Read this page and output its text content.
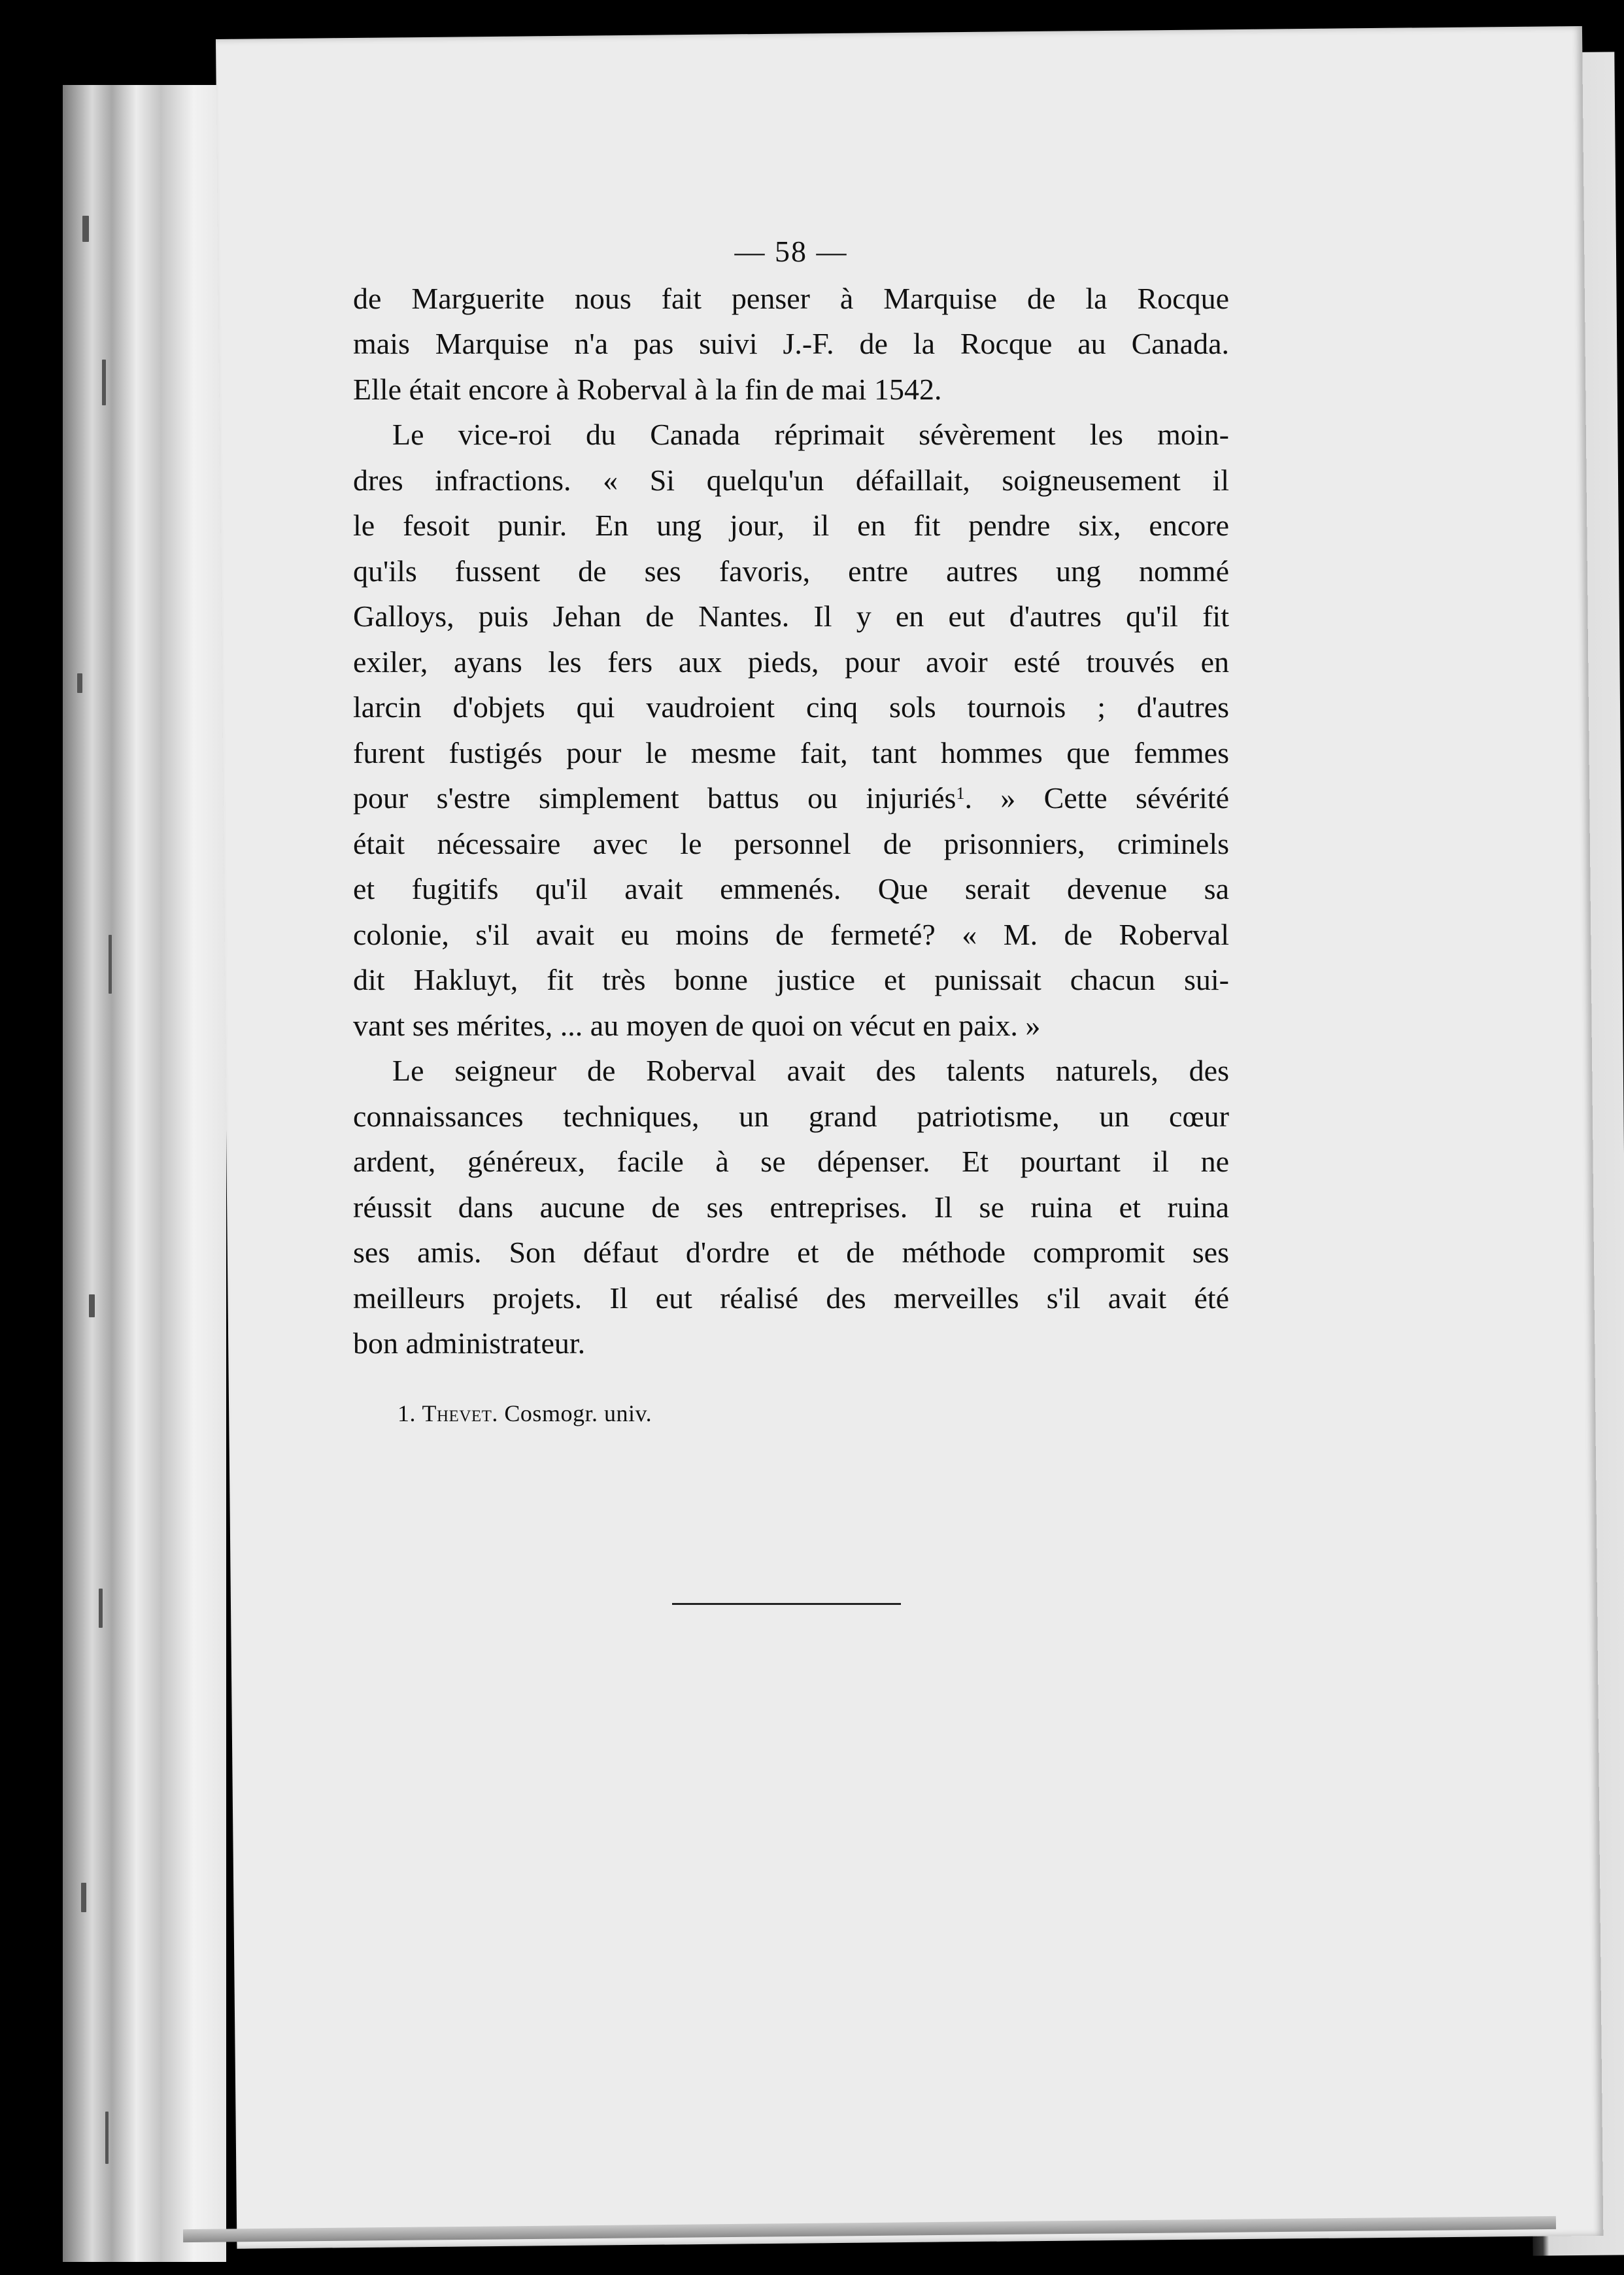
— 58 —
de Marguerite nous fait penser à Marquise de la Rocque
mais Marquise n'a pas suivi J.-F. de la Rocque au Canada.
Elle était encore à Roberval à la fin de mai 1542.
Le vice-roi du Canada réprimait sévèrement les moin-
dres infractions. « Si quelqu'un défaillait, soigneusement il
le fesoit punir. En ung jour, il en fit pendre six, encore
qu'ils fussent de ses favoris, entre autres ung nommé
Galloys, puis Jehan de Nantes. Il y en eut d'autres qu'il fit
exiler, ayans les fers aux pieds, pour avoir esté trouvés en
larcin d'objets qui vaudroient cinq sols tournois ; d'autres
furent fustigés pour le mesme fait, tant hommes que femmes
pour s'estre simplement battus ou injuriés$^1$. » Cette sévérité
était nécessaire avec le personnel de prisonniers, criminels
et fugitifs qu'il avait emmenés. Que serait devenue sa
colonie, s'il avait eu moins de fermeté? « M. de Roberval
dit Hakluyt, fit très bonne justice et punissait chacun sui-
vant ses mérites, ... au moyen de quoi on vécut en paix. »
Le seigneur de Roberval avait des talents naturels, des
connaissances techniques, un grand patriotisme, un cœur
ardent, généreux, facile à se dépenser. Et pourtant il ne
réussit dans aucune de ses entreprises. Il se ruina et ruina
ses amis. Son défaut d'ordre et de méthode compromit ses
meilleurs projets. Il eut réalisé des merveilles s'il avait été
bon administrateur.
1. Thevet. Cosmogr. univ.
